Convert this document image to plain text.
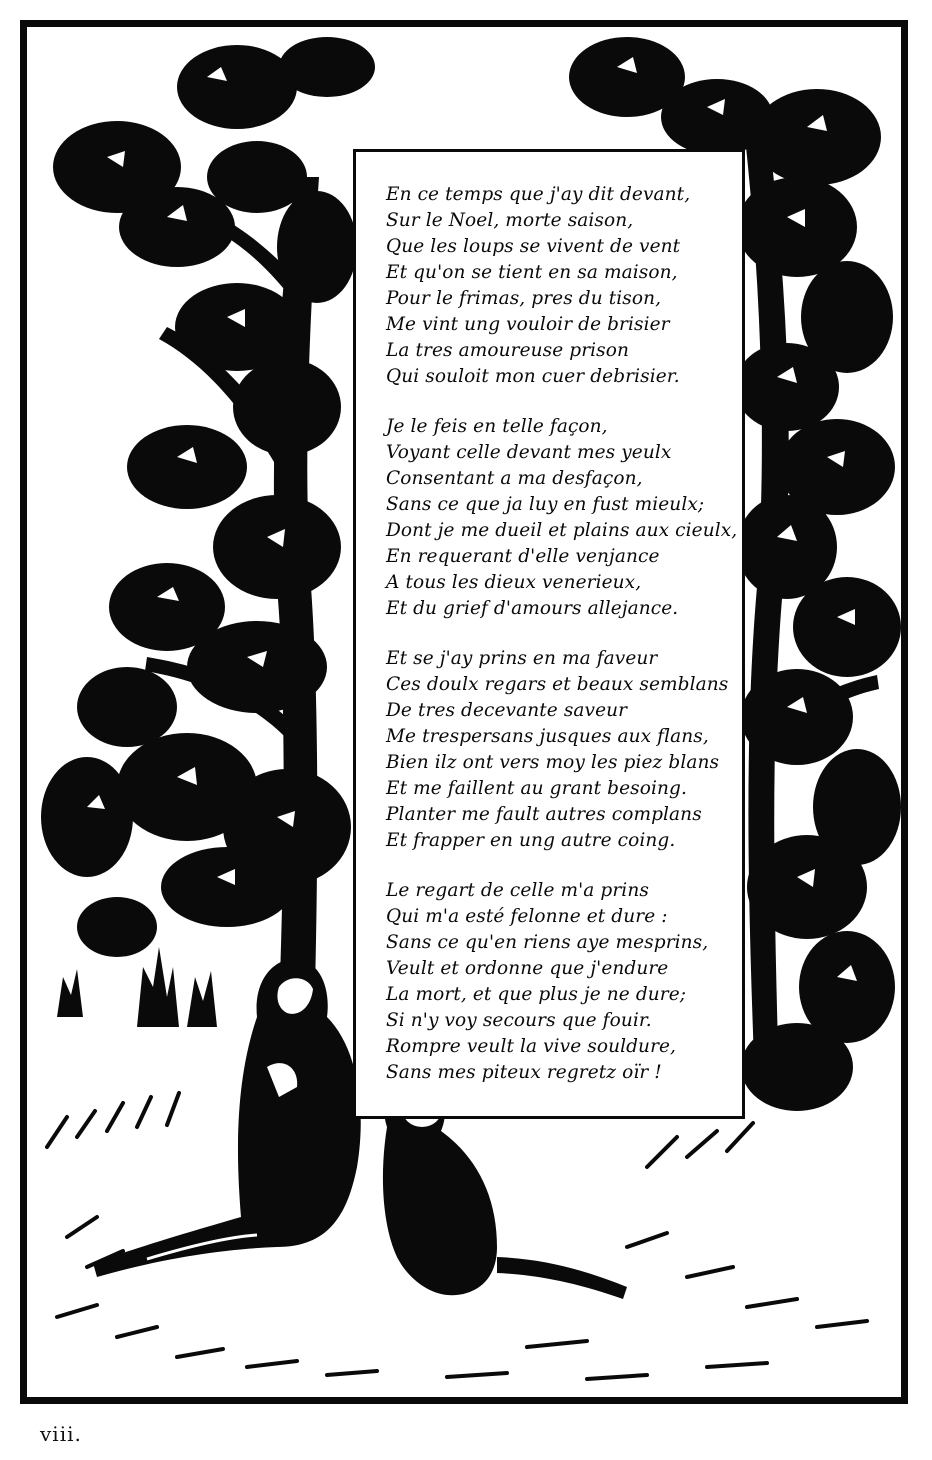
En ce temps que j'ay dit devant,
Sur le Noel, morte saison,
Que les loups se vivent de vent
Et qu'on se tient en sa maison,
Pour le frimas, pres du tison,
Me vint ung vouloir de brisier
La tres amoureuse prison
Qui souloit mon cuer debrisier.
Je le feis en telle façon,
Voyant celle devant mes yeulx
Consentant a ma desfaçon,
Sans ce que ja luy en fust mieulx;
Dont je me dueil et plains aux cieulx,
En requerant d'elle venjance
A tous les dieux venerieux,
Et du grief d'amours allejance.
Et se j'ay prins en ma faveur
Ces doulx regars et beaux semblans
De tres decevante saveur
Me trespersans jusques aux flans,
Bien ilz ont vers moy les piez blans
Et me faillent au grant besoing.
Planter me fault autres complans
Et frapper en ung autre coing.
Le regart de celle m'a prins
Qui m'a esté felonne et dure :
Sans ce qu'en riens aye mesprins,
Veult et ordonne que j'endure
La mort, et que plus je ne dure;
Si n'y voy secours que fouir.
Rompre veult la vive souldure,
Sans mes piteux regretz oïr !
viii.
